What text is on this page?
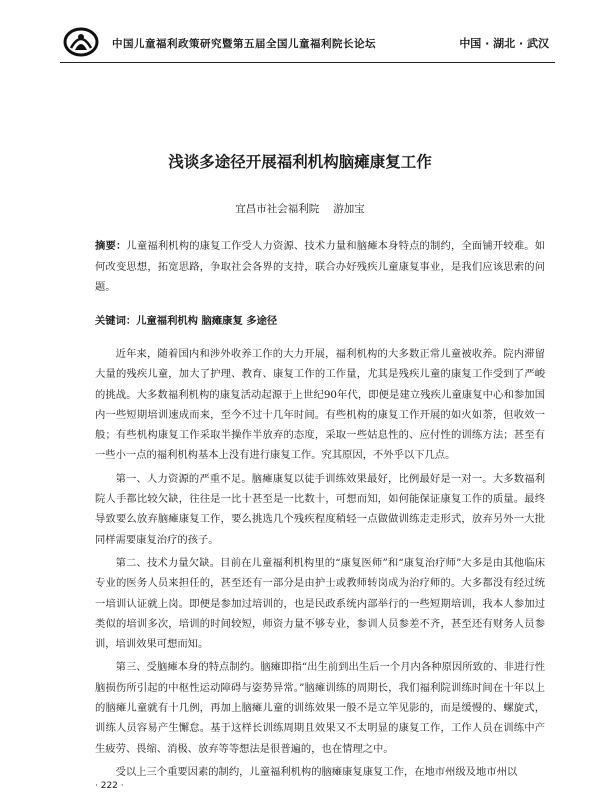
中国儿童福利政策研究暨第五届全国儿童福利院长论坛	中国 · 湖北 · 武汉
浅谈多途径开展福利机构脑瘫康复工作
宜昌市社会福利院 游加宝
摘要：儿童福利机构的康复工作受人力资源、技术力量和脑瘫本身特点的制约，全面铺开较难。如何改变思想，拓宽思路，争取社会各界的支持，联合办好残疾儿童康复事业，是我们应该思索的问题。
关键词：儿童福利机构 脑瘫康复 多途径

近年来，随着国内和涉外收养工作的大力开展，福利机构的大多数正常儿童被收养。院内滞留大量的残疾儿童，加大了护理、教育、康复工作的工作量，尤其是残疾儿童的康复工作受到了严峻的挑战。大多数福利机构的康复活动起源于上世纪90年代，即便是建立残疾儿童康复中心和参加国内一些短期培训速成而来，至今不过十几年时间。有些机构的康复工作开展的如火如荼，但收效一般；有些机构康复工作采取半操作半放弃的态度，采取一些姑息性的、应付性的训练方法；甚至有一些小一点的福利机构基本上没有进行康复工作。究其原因，不外乎以下几点。

第一、人力资源的严重不足。脑瘫康复以徒手训练效果最好，比例最好是一对一。大多数福利院人手都比较欠缺，往往是一比十甚至是一比数十，可想而知，如何能保证康复工作的质量。最终导致要么放弃脑瘫康复工作，要么挑选几个残疾程度稍轻一点做做训练走走形式，放弃另外一大批同样需要康复治疗的孩子。

第二、技术力量欠缺。目前在儿童福利机构里的“康复医师”和“康复治疗师”大多是由其他临床专业的医务人员来担任的，甚至还有一部分是由护士或教师转岗成为治疗师的。大多都没有经过统一培训认证就上岗。即便是参加过培训的，也是民政系统内部举行的一些短期培训，我本人参加过类似的培训多次，培训的时间较短，师资力量不够专业，参训人员参差不齐，甚至还有财务人员参训，培训效果可想而知。

第三、受脑瘫本身的特点制约。脑瘫即指“出生前到出生后一个月内各种原因所致的、非进行性脑损伤所引起的中枢性运动障碍与姿势异常。”脑瘫训练的周期长，我们福利院训练时间在十年以上的脑瘫儿童就有十几例，再加上脑瘫儿童的训练效果一般不是立竿见影的，而是缓慢的、螺旋式，训练人员容易产生懈怠。基于这样长训练周期且效果又不太明显的康复工作，工作人员在训练中产生疲劳、畏缩、消极、放弃等等想法是很普遍的，也在情理之中。

受以上三个重要因素的制约，儿童福利机构的脑瘫康复康复工作，在地市州级及地市州以

· 222 ·
